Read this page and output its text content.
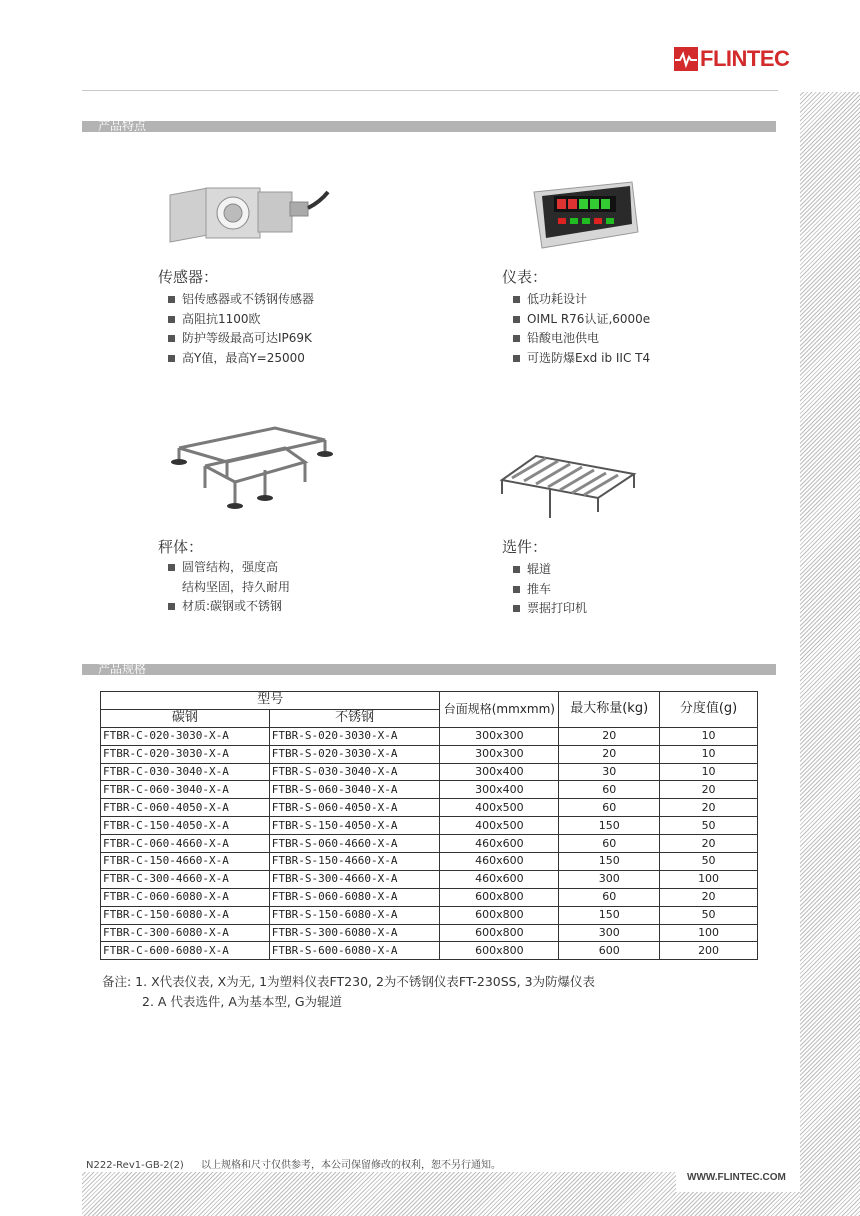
FLINTEC
产品特点
传感器：
铝传感器或不锈钢传感器
高阻抗1100欧
防护等级最高可达IP69K
高Y值，最高Y=25000
仪表：
低功耗设计
OIML R76认证,6000e
铅酸电池供电
可选防爆Exd ib IIC T4
秤体：
圆管结构，强度高
结构坚固，持久耐用
材质:碳钢或不锈钢
选件：
辊道
推车
票据打印机
产品规格
型号		台面规格(mmxmm)	最大称量(kg)	分度值(g)
碳钢	不锈钢			
FTBR-C-020-3030-X-A	FTBR-S-020-3030-X-A	300x300	20	10
FTBR-C-020-3030-X-A	FTBR-S-020-3030-X-A	300x300	20	10
FTBR-C-030-3040-X-A	FTBR-S-030-3040-X-A	300x400	30	10
FTBR-C-060-3040-X-A	FTBR-S-060-3040-X-A	300x400	60	20
FTBR-C-060-4050-X-A	FTBR-S-060-4050-X-A	400x500	60	20
FTBR-C-150-4050-X-A	FTBR-S-150-4050-X-A	400x500	150	50
FTBR-C-060-4660-X-A	FTBR-S-060-4660-X-A	460x600	60	20
FTBR-C-150-4660-X-A	FTBR-S-150-4660-X-A	460x600	150	50
FTBR-C-300-4660-X-A	FTBR-S-300-4660-X-A	460x600	300	100
FTBR-C-060-6080-X-A	FTBR-S-060-6080-X-A	600x800	60	20
FTBR-C-150-6080-X-A	FTBR-S-150-6080-X-A	600x800	150	50
FTBR-C-300-6080-X-A	FTBR-S-300-6080-X-A	600x800	300	100
FTBR-C-600-6080-X-A	FTBR-S-600-6080-X-A	600x800	600	200
备注: 1. X代表仪表, X为无, 1为塑料仪表FT230, 2为不锈钢仪表FT-230SS, 3为防爆仪表
2. A 代表选件, A为基本型, G为辊道
N222-Rev1-GB-2(2) 以上规格和尺寸仅供参考，本公司保留修改的权利，恕不另行通知。
WWW.FLINTEC.COM
